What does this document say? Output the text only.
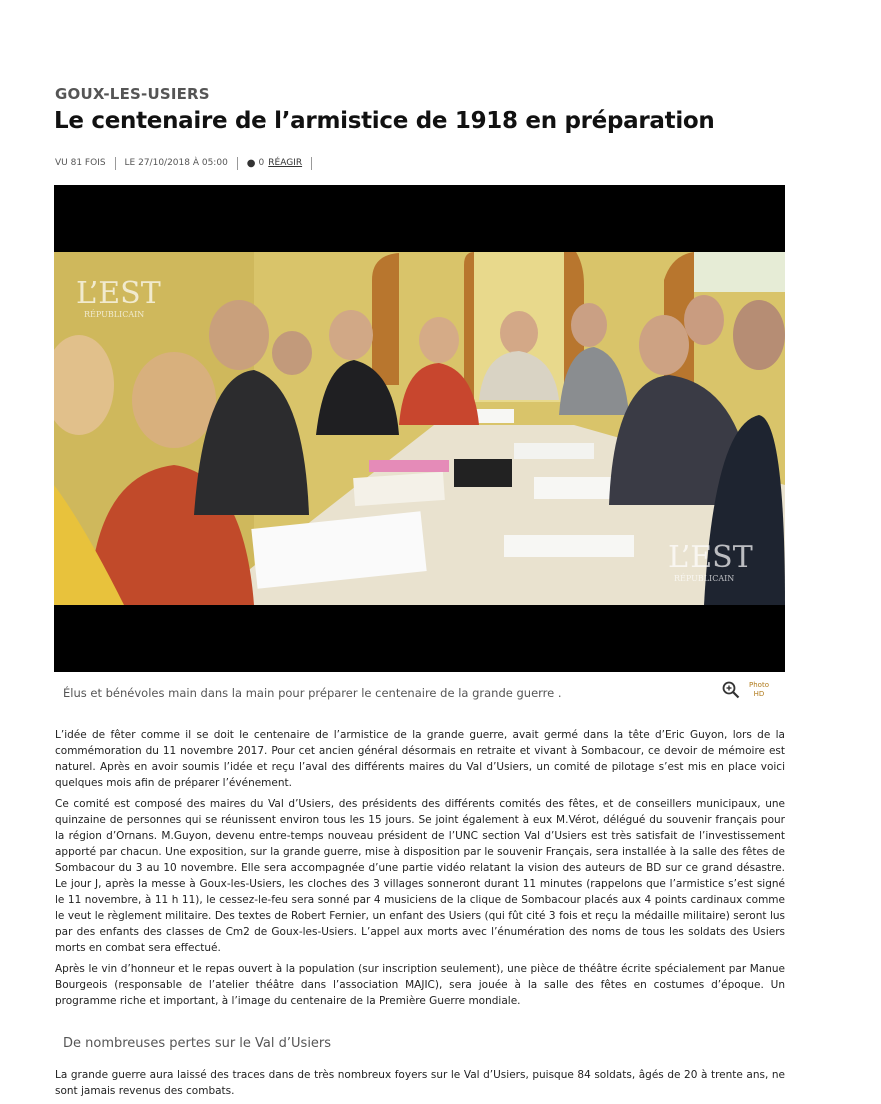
GOUX-LES-USIERS
Le centenaire de l’armistice de 1918 en préparation
VU 81 FOIS LE 27/10/2018 À 05:00 ● 0 RÉAGIR
L’EST
RÉPUBLICAIN
L’EST
RÉPUBLICAIN
Élus et bénévoles main dans la main pour préparer le centenaire de la grande guerre .
Photo
HD

L’idée de fêter comme il se doit le centenaire de l’armistice de la grande guerre, avait germé dans la tête d’Eric Guyon, lors de la commémoration du 11 novembre 2017. Pour cet ancien général désormais en retraite et vivant à Sombacour, ce devoir de mémoire est naturel. Après en avoir soumis l’idée et reçu l’aval des différents maires du Val d’Usiers, un comité de pilotage s’est mis en place voici quelques mois afin de préparer l’événement.

Ce comité est composé des maires du Val d’Usiers, des présidents des différents comités des fêtes, et de conseillers municipaux, une quinzaine de personnes qui se réunissent environ tous les 15 jours. Se joint également à eux M.Vérot, délégué du souvenir français pour la région d’Ornans. M.Guyon, devenu entre-temps nouveau président de l’UNC section Val d’Usiers est très satisfait de l’investissement apporté par chacun. Une exposition, sur la grande guerre, mise à disposition par le souvenir Français, sera installée à la salle des fêtes de Sombacour du 3 au 10 novembre. Elle sera accompagnée d’une partie vidéo relatant la vision des auteurs de BD sur ce grand désastre. Le jour J, après la messe à Goux-les-Usiers, les cloches des 3 villages sonneront durant 11 minutes (rappelons que l’armistice s’est signé le 11 novembre, à 11 h 11), le cessez-le-feu sera sonné par 4 musiciens de la clique de Sombacour placés aux 4 points cardinaux comme le veut le règlement militaire. Des textes de Robert Fernier, un enfant des Usiers (qui fût cité 3 fois et reçu la médaille militaire) seront lus par des enfants des classes de Cm2 de Goux-les-Usiers. L’appel aux morts avec l’énumération des noms de tous les soldats des Usiers morts en combat sera effectué.

Après le vin d’honneur et le repas ouvert à la population (sur inscription seulement), une pièce de théâtre écrite spécialement par Manue Bourgeois (responsable de l’atelier théâtre dans l’association MAJIC), sera jouée à la salle des fêtes en costumes d’époque. Un programme riche et important, à l’image du centenaire de la Première Guerre mondiale.

De nombreuses pertes sur le Val d’Usiers

La grande guerre aura laissé des traces dans de très nombreux foyers sur le Val d’Usiers, puisque 84 soldats, âgés de 20 à trente ans, ne sont jamais revenus des combats.
